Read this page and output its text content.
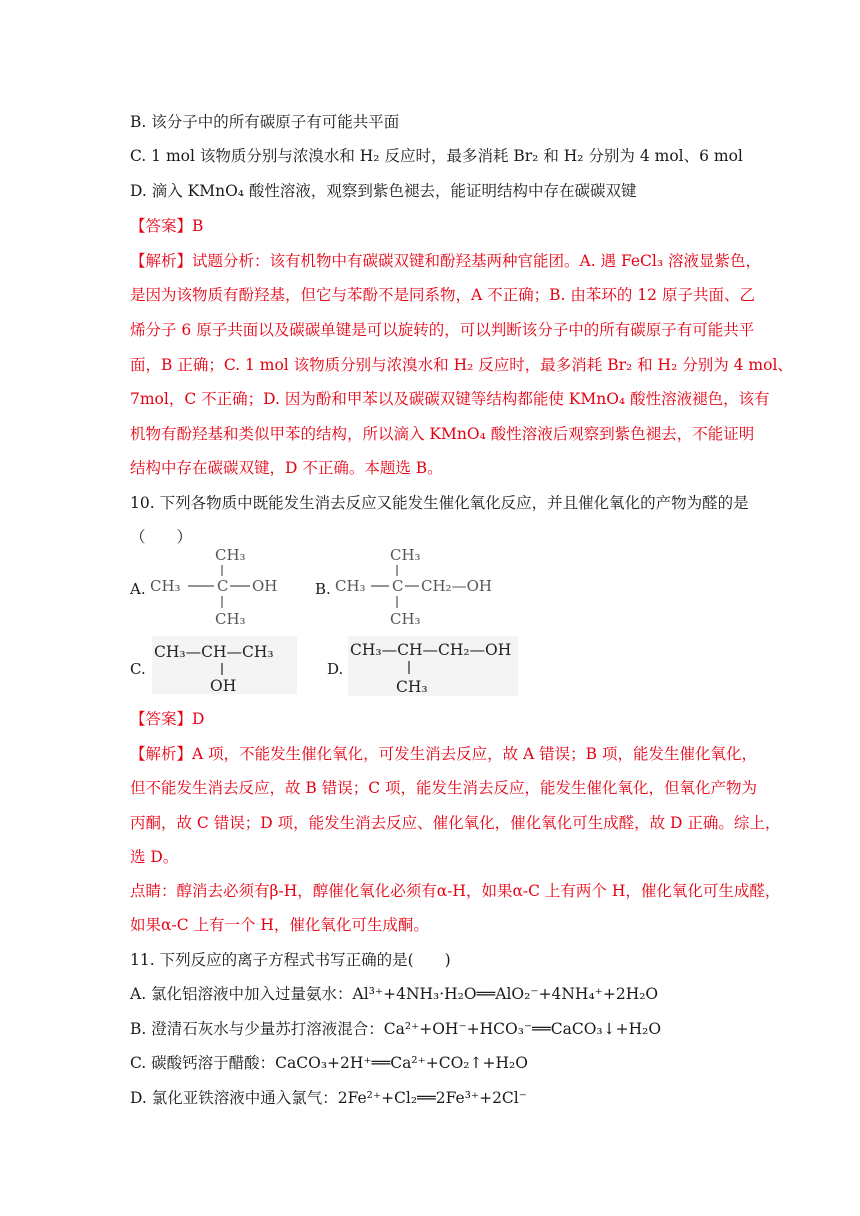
B. 该分子中的所有碳原子有可能共平面
C. 1 mol 该物质分别与浓溴水和 H₂ 反应时，最多消耗 Br₂ 和 H₂ 分别为 4 mol、6 mol
D. 滴入 KMnO₄ 酸性溶液，观察到紫色褪去，能证明结构中存在碳碳双键
【答案】B
【解析】试题分析：该有机物中有碳碳双键和酚羟基两种官能团。A. 遇 FeCl₃ 溶液显紫色，
是因为该物质有酚羟基，但它与苯酚不是同系物，A 不正确；B. 由苯环的 12 原子共面、乙
烯分子 6 原子共面以及碳碳单键是可以旋转的，可以判断该分子中的所有碳原子有可能共平
面，B 正确；C. 1 mol 该物质分别与浓溴水和 H₂ 反应时，最多消耗 Br₂ 和 H₂ 分别为 4 mol、
7mol，C 不正确；D. 因为酚和甲苯以及碳碳双键等结构都能使 KMnO₄ 酸性溶液褪色，该有
机物有酚羟基和类似甲苯的结构，所以滴入 KMnO₄ 酸性溶液后观察到紫色褪去，不能证明
结构中存在碳碳双键，D 不正确。本题选 B。
10. 下列各物质中既能发生消去反应又能发生催化氧化反应，并且催化氧化的产物为醛的是
（　　）
A.
CH₃
CH₃ C OH
CH₃
B.
CH₃
CH₃ C CH₂—OH
CH₃
C.
CH₃—CH—CH₃
OH
D.
CH₃—CH—CH₂—OH
CH₃
【答案】D
【解析】A 项，不能发生催化氧化，可发生消去反应，故 A 错误；B 项，能发生催化氧化，
但不能发生消去反应，故 B 错误；C 项，能发生消去反应，能发生催化氧化，但氧化产物为
丙酮，故 C 错误；D 项，能发生消去反应、催化氧化，催化氧化可生成醛，故 D 正确。综上，
选 D。
点睛：醇消去必须有β-H，醇催化氧化必须有α-H，如果α-C 上有两个 H，催化氧化可生成醛，
如果α-C 上有一个 H，催化氧化可生成酮。
11. 下列反应的离子方程式书写正确的是(　　)
A. 氯化铝溶液中加入过量氨水：Al³⁺+4NH₃·H₂O══AlO₂⁻+4NH₄⁺+2H₂O
B. 澄清石灰水与少量苏打溶液混合：Ca²⁺+OH⁻+HCO₃⁻══CaCO₃↓+H₂O
C. 碳酸钙溶于醋酸：CaCO₃+2H⁺══Ca²⁺+CO₂↑+H₂O
D. 氯化亚铁溶液中通入氯气：2Fe²⁺+Cl₂══2Fe³⁺+2Cl⁻
